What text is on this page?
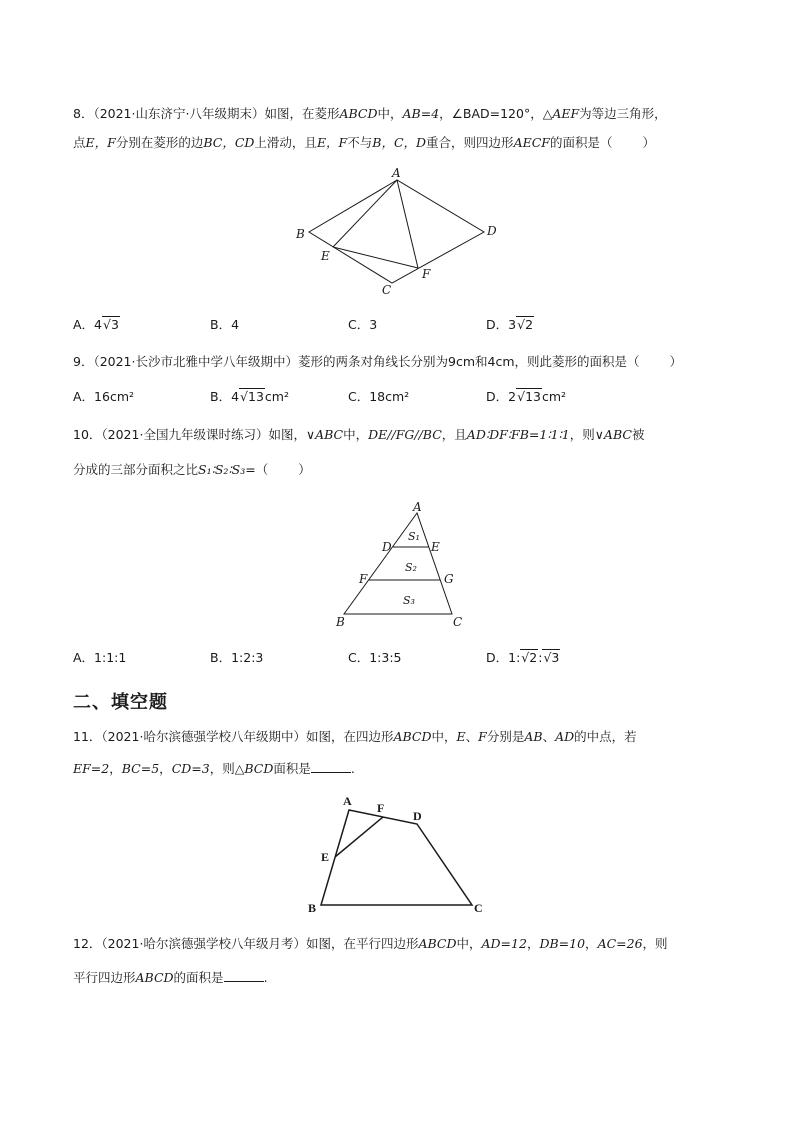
8．（2021·山东济宁·八年级期末）如图，在菱形ABCD中，AB=4，∠BAD=120°，△AEF为等边三角形，
点E，F分别在菱形的边BC，CD上滑动，且E，F不与B，C，D重合，则四边形AECF的面积是（ ）
A
B
C
D
E
F
A．4√3	B．4	C．3	D．3√2
9．（2021·长沙市北雅中学八年级期中）菱形的两条对角线长分别为9cm和4cm，则此菱形的面积是（ ）
A．16cm²	B．4√13cm²	C．18cm²	D．2√13cm²
10．（2021·全国九年级课时练习）如图，∨ABC中，DE//FG//BC，且AD∶DF∶FB=1∶1∶1，则∨ABC被
分成的三部分面积之比S₁∶S₂∶S₃=（ ）
A
D	E
F	G
B	C
S₁
S₂
S₃
A．1:1:1	B．1:2:3	C．1:3:5	D．1:√2:√3
二、填空题
11．（2021·哈尔滨德强学校八年级期中）如图，在四边形ABCD中，E、F分别是AB、AD的中点，若
EF=2，BC=5，CD=3，则△BCD面积是	.
A F
D
E
B	C
12．（2021·哈尔滨德强学校八年级月考）如图，在平行四边形ABCD中，AD=12，DB=10，AC=26，则
平行四边形ABCD的面积是	.
